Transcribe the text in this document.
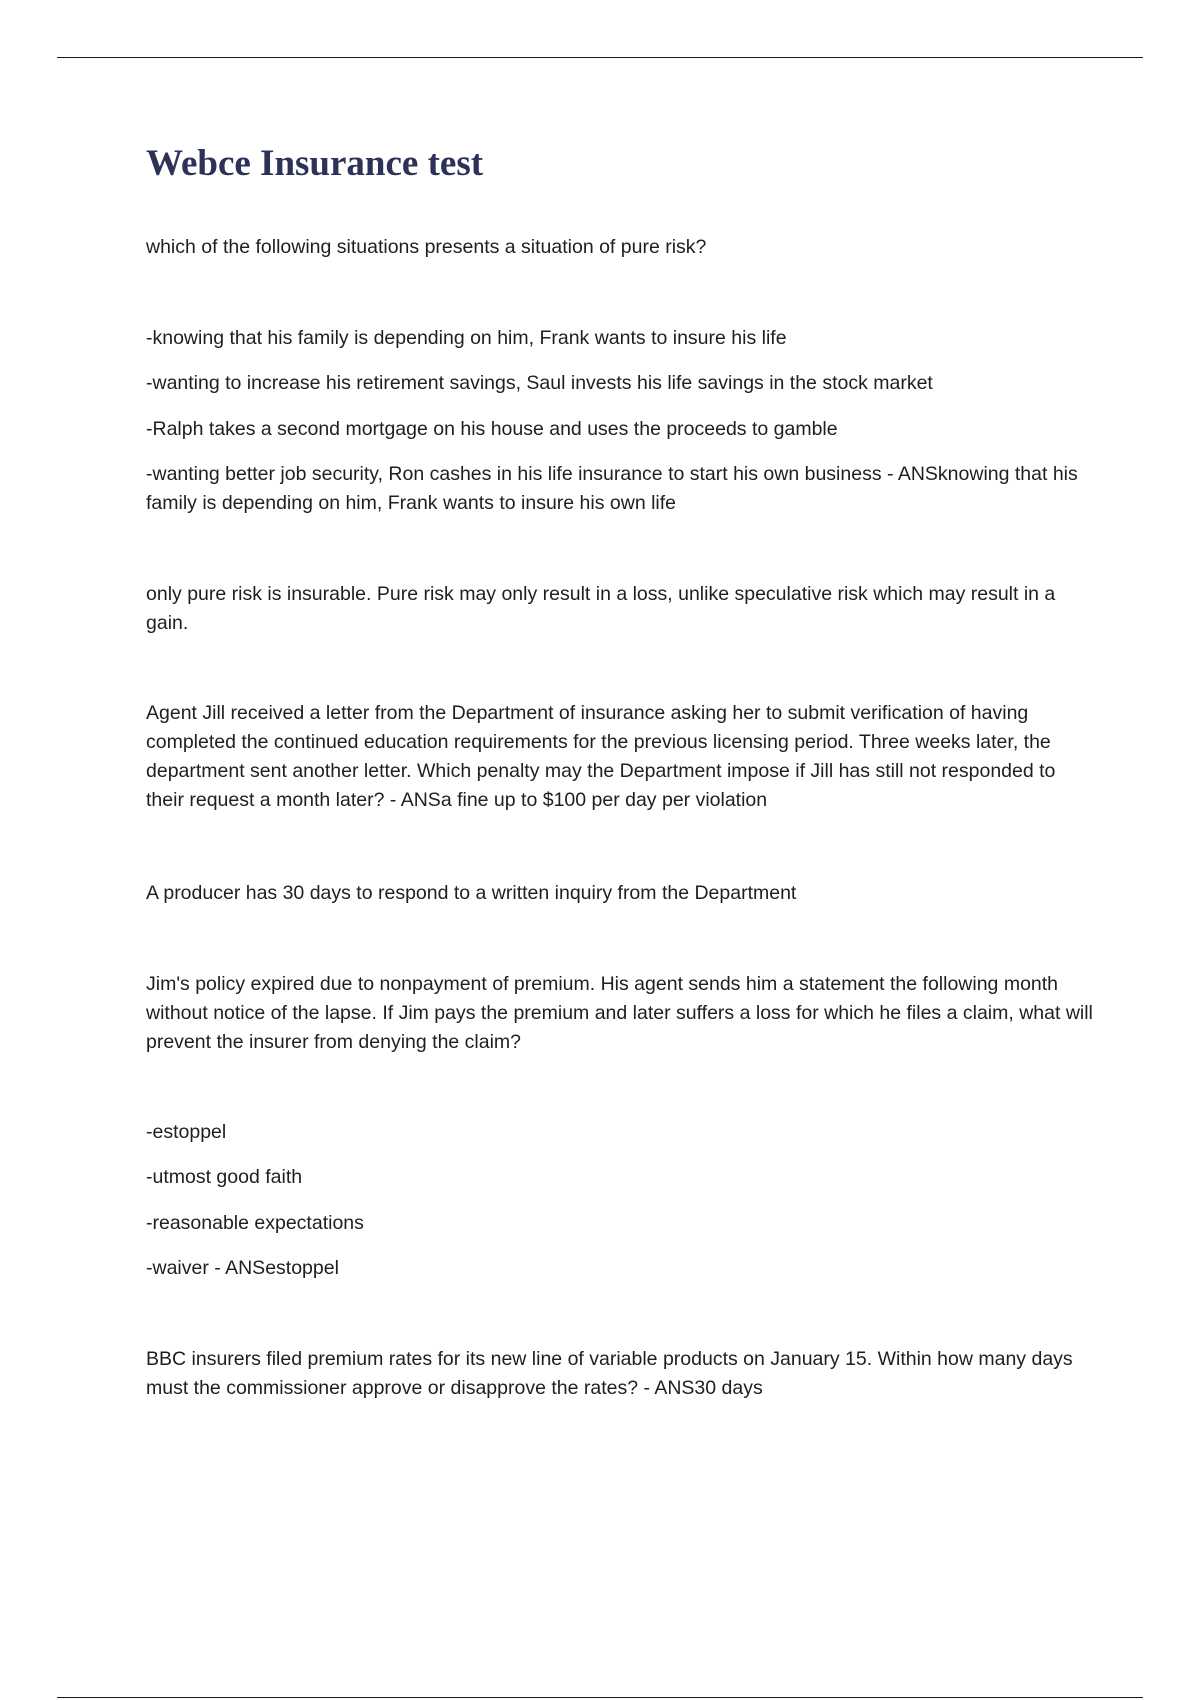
Webce Insurance test

which of the following situations presents a situation of pure risk?

-knowing that his family is depending on him, Frank wants to insure his life

-wanting to increase his retirement savings, Saul invests his life savings in the stock market

-Ralph takes a second mortgage on his house and uses the proceeds to gamble

-wanting better job security, Ron cashes in his life insurance to start his own business - ANSknowing that his family is depending on him, Frank wants to insure his own life

only pure risk is insurable. Pure risk may only result in a loss, unlike speculative risk which may result in a gain.

Agent Jill received a letter from the Department of insurance asking her to submit verification of having completed the continued education requirements for the previous licensing period. Three weeks later, the department sent another letter. Which penalty may the Department impose if Jill has still not responded to their request a month later? - ANSa fine up to $100 per day per violation

A producer has 30 days to respond to a written inquiry from the Department

Jim's policy expired due to nonpayment of premium. His agent sends him a statement the following month without notice of the lapse. If Jim pays the premium and later suffers a loss for which he files a claim, what will prevent the insurer from denying the claim?

-estoppel

-utmost good faith

-reasonable expectations

-waiver - ANSestoppel

BBC insurers filed premium rates for its new line of variable products on January 15. Within how many days must the commissioner approve or disapprove the rates? - ANS30 days
